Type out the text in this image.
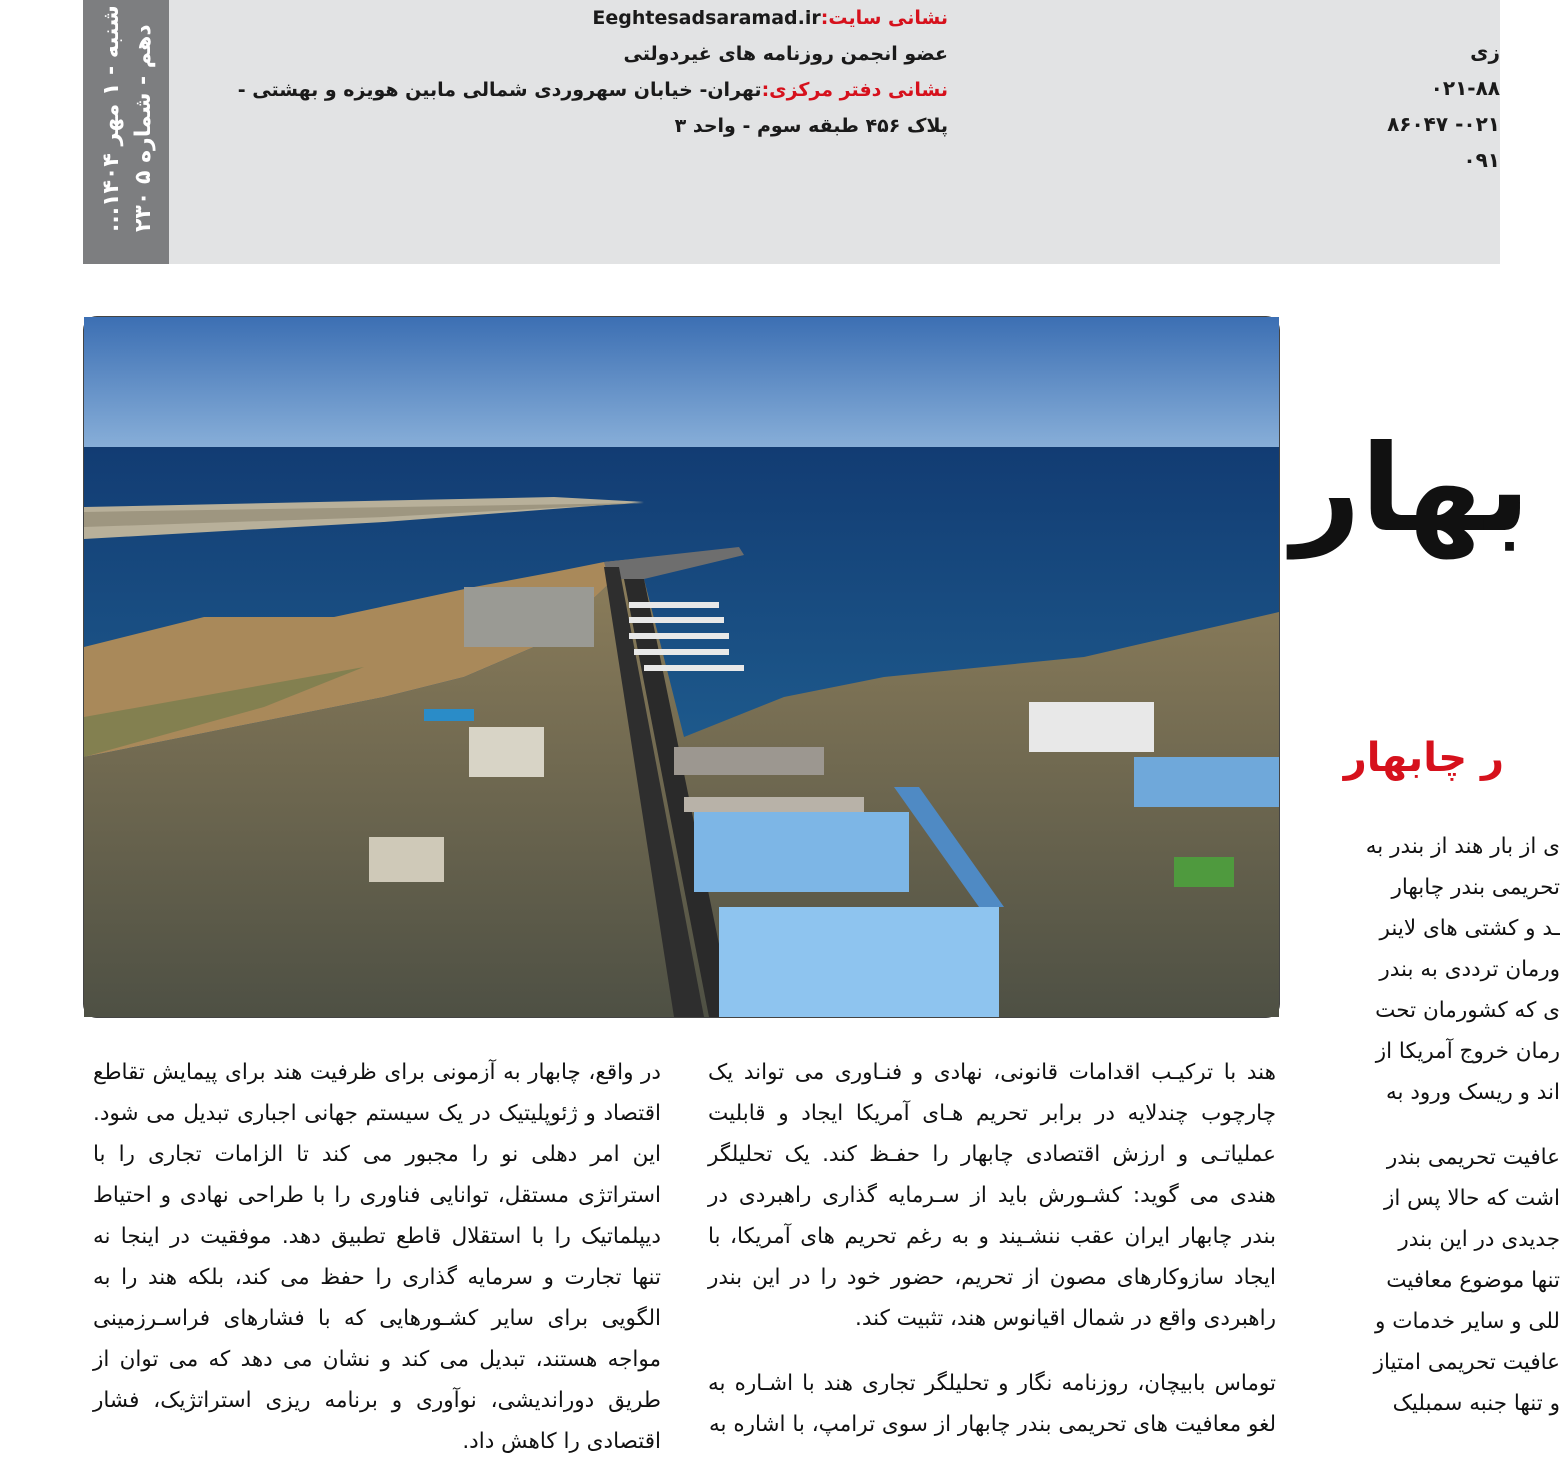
...شنبه - ۱ مهر ۱۴۰۴
دهم - شماره ۵ ۲۳۰

نشانی سایت:Eeghtesadsaramad.ir

عضو انجمن روزنامه های غیردولتی

نشانی دفتر مرکزی:تهران- خیابان سهروردی شمالی مابین هویزه و بهشتی -

پلاک ۴۵۶ طبقه سوم - واحد ۳

زی

۰۲۱-۸۸

۰۲۱- ۸۶۰۴۷

۰۹۱

بهار
ر چابهار

ی از بار هند از بندر به

تحریمی بندر چابهار

ـد و کشتی های لاینر

ورمان ترددی به بندر

ی که کشورمان تحت

رمان خروج آمریکا از

اند و ریسک ورود به

عافیت تحریمی بندر

اشت که حالا پس از

جدیدی در این بندر

تنها موضوع معافیت

للی و سایر خدمات و

عافیت تحریمی امتیاز

و تنها جنبه سمبلیک

هند با ترکیـب اقدامات قانونی، نهادی و فنـاوری می تواند یک چارچوب چندلایه در برابر تحریم هـای آمریکا ایجاد و قابلیت عملیاتـی و ارزش اقتصادی چابهار را حفـظ کند. یک تحلیلگر هندی می گوید: کشـورش باید از سـرمایه گذاری راهبردی در بندر چابهار ایران عقب ننشـیند و به رغم تحریم های آمریکا، با ایجاد سازوکارهای مصون از تحریم، حضور خود را در این بندر راهبردی واقع در شمال اقیانوس هند، تثبیت کند.

توماس بابیچان، روزنامه نگار و تحلیلگر تجاری هند با اشـاره به لغو معافیت های تحریمی بندر چابهار از سوی ترامپ، با اشاره به

در واقع، چابهار به آزمونی برای ظرفیت هند برای پیمایش تقاطع اقتصاد و ژئوپلیتیک در یک سیستم جهانی اجباری تبدیل می شود. این امر دهلی نو را مجبور می کند تا الزامات تجاری را با استراتژی مستقل، توانایی فناوری را با طراحی نهادی و احتیاط دیپلماتیک را با استقلال قاطع تطبیق دهد. موفقیت در اینجا نه تنها تجارت و سرمایه گذاری را حفظ می کند، بلکه هند را به الگویی برای سایر کشـورهایی که با فشارهای فراسـرزمینی مواجه هستند، تبدیل می کند و نشان می دهد که می توان از طریق دوراندیشی، نوآوری و برنامه ریزی استراتژیک، فشار اقتصادی را کاهش داد.
